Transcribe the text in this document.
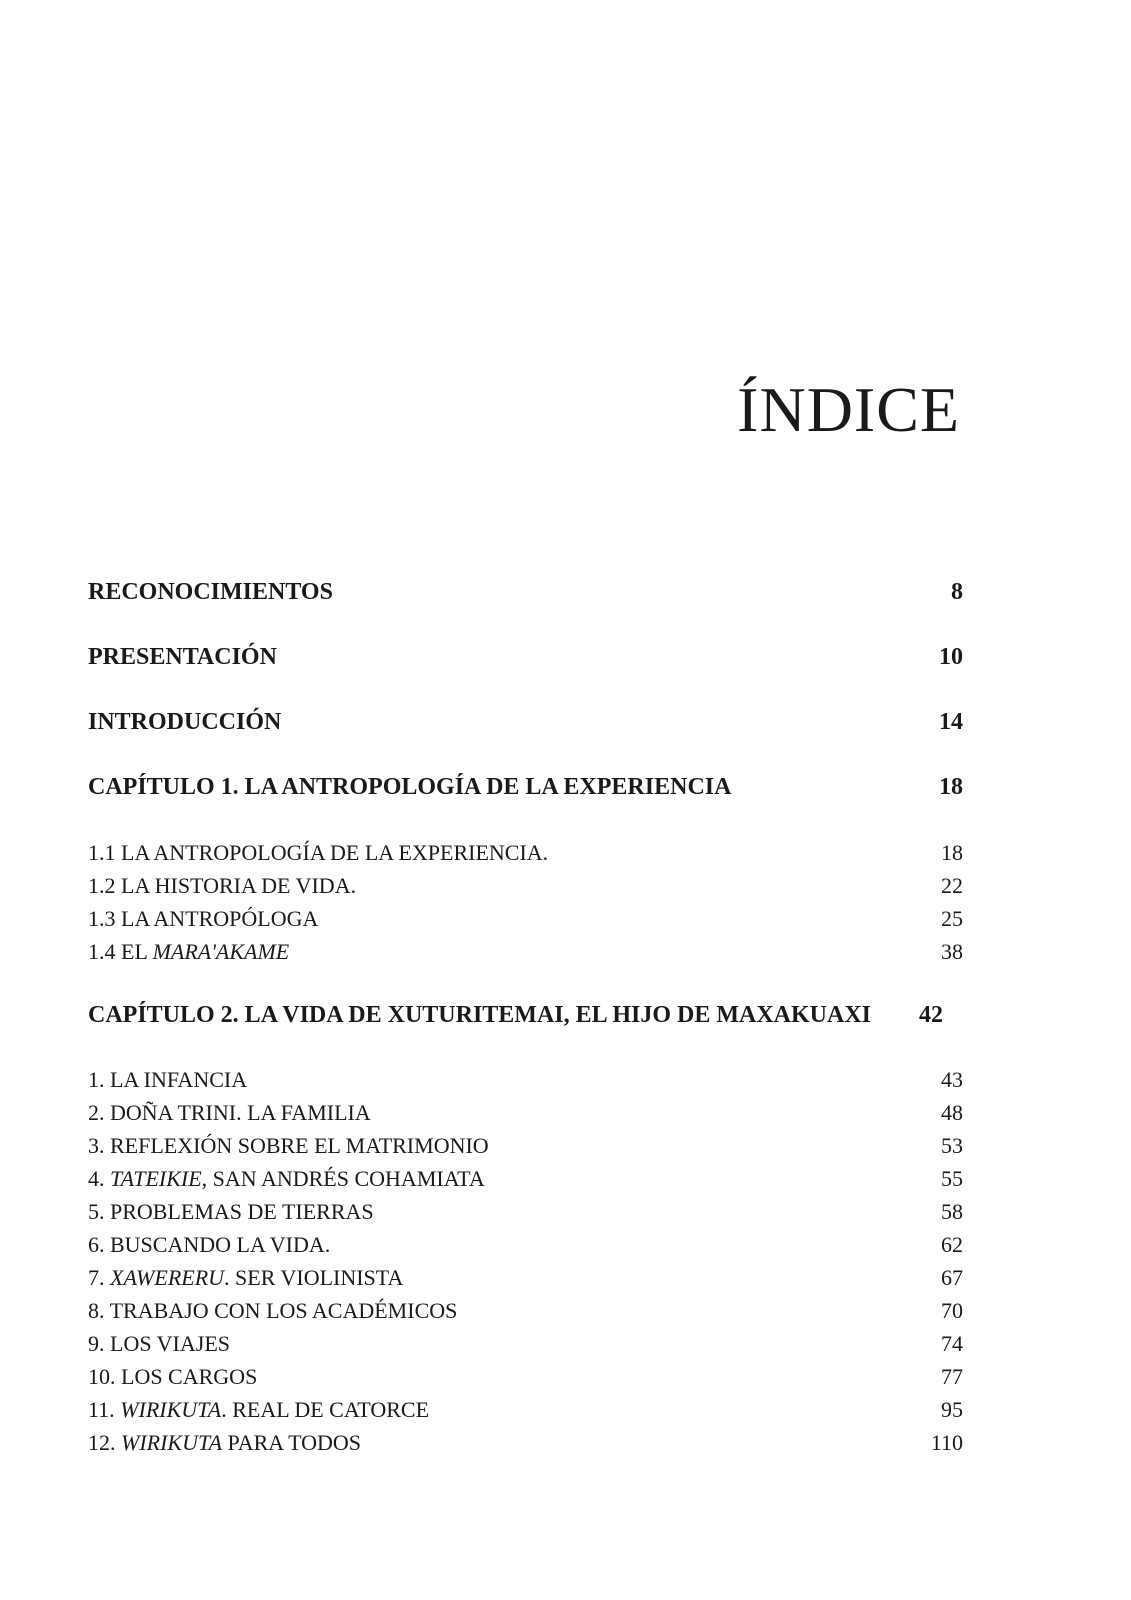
ÍNDICE
RECONOCIMIENTOS	8
PRESENTACIÓN	10
INTRODUCCIÓN	14
CAPÍTULO 1. LA ANTROPOLOGÍA DE LA EXPERIENCIA	18
1.1 LA ANTROPOLOGÍA DE LA EXPERIENCIA.	18
1.2 LA HISTORIA DE VIDA.	22
1.3 LA ANTROPÓLOGA	25
1.4 EL MARA'AKAME	38
CAPÍTULO 2. LA VIDA DE XUTURITEMAI, EL HIJO DE MAXAKUAXI 42
1. LA INFANCIA	43
2. DOÑA TRINI. LA FAMILIA	48
3. REFLEXIÓN SOBRE EL MATRIMONIO	53
4. TATEIKIE, SAN ANDRÉS COHAMIATA	55
5. PROBLEMAS DE TIERRAS	58
6. BUSCANDO LA VIDA.	62
7. XAWERERU. SER VIOLINISTA	67
8. TRABAJO CON LOS ACADÉMICOS	70
9. LOS VIAJES	74
10. LOS CARGOS	77
11. WIRIKUTA. REAL DE CATORCE	95
12. WIRIKUTA PARA TODOS	110
